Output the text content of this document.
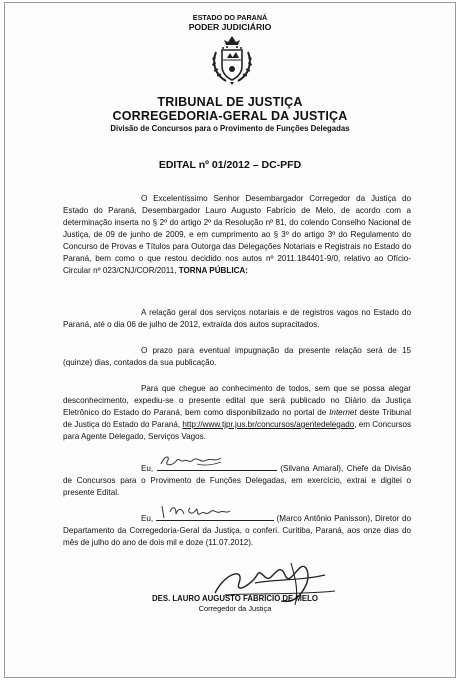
ESTADO DO PARANÁ
PODER JUDICIÁRIO
TRIBUNAL DE JUSTIÇA
CORREGEDORIA-GERAL DA JUSTIÇA
Divisão de Concursos para o Provimento de Funções Delegadas
EDITAL nº 01/2012 – DC-PFD
O Excelentíssimo Senhor Desembargador Corregedor da Justiça do Estado do Paraná, Desembargador Lauro Augusto Fabrício de Melo, de acordo com a determinação inserta no § 2º do artigo 2º da Resolução nº 81, do colendo Conselho Nacional de Justiça, de 09 de junho de 2009, e em cumprimento ao § 3º do artigo 3º do Regulamento do Concurso de Provas e Títulos para Outorga das Delegações Notariais e Registrais no Estado do Paraná, bem como o que restou decidido nos autos nº 2011.184401-9/0, relativo ao Ofício-Circular nº 023/CNJ/COR/2011, TORNA PÚBLICA:
A relação geral dos serviços notariais e de registros vagos no Estado do Paraná, até o dia 06 de julho de 2012, extraída dos autos supracitados.
O prazo para eventual impugnação da presente relação será de 15 (quinze) dias, contados da sua publicação.
Para que chegue ao conhecimento de todos, sem que se possa alegar desconhecimento, expediu-se o presente edital que será publicado no Diário da Justiça Eletrônico do Estado do Paraná, bem como disponibilizado no portal de Internet deste Tribunal de Justiça do Estado do Paraná, http://www.tjpr.jus.br/concursos/agentedelegado, em Concursos para Agente Delegado, Serviços Vagos.
Eu,	(Silvana Amaral), Chefe da Divisão de Concursos para o Provimento de Funções Delegadas, em exercício, extrai e digitei o presente Edital.
Eu,	(Marco Antônio Panisson), Diretor do Departamento da Corregedoria-Geral da Justiça, o conferi. Curitiba, Paraná, aos onze dias do mês de julho do ano de dois mil e doze (11.07.2012).
DES. LAURO AUGUSTO FABRÍCIO DE MELO
Corregedor da Justiça
